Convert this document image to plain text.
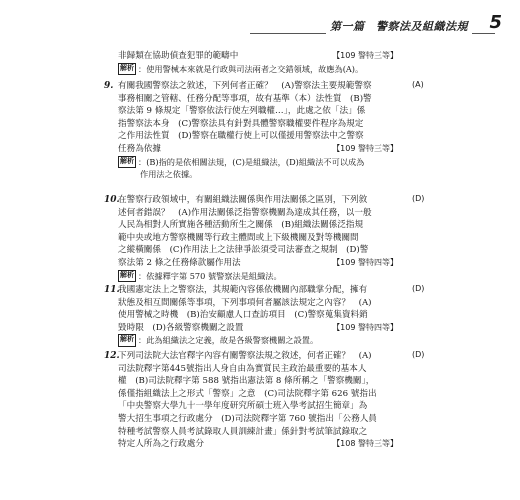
第一篇　警察法及組織法規 5
非歸類在協助偵查犯罪的範疇中	【109 警特三等】
解析 ：使用警械本來就是行政與司法兩者之交錯領域，故應為(A)。
9. 有關我國警察法之敘述，下列何者正確？　(A)警察法主要規範警察
事務相關之管轄、任務分配等事項，故有基準（本）法性質　(B)警
察法第 9 條規定「警察依法行使左列職權…」，此處之依「法」係
指警察法本身　(C)警察法具有針對具體警察職權要件程序為規定
之作用法性質　(D)警察在職權行使上可以僅援用警察法中之警察
任務為依據	【109 警特三等】
解析 ：(B)指的是依相關法規，(C)是組織法，(D)組織法不可以成為
作用法之依據。
10.
在警察行政領域中，有關組織法關係與作用法關係之區別，下列敘
述何者錯誤？　(A)作用法關係泛指警察機關為達成其任務，以一般
人民為相對人所實施各種活動所生之關係　(B)組織法關係泛指規
範中央或地方警察機關等行政主體間或上下級機關及對等機關間
之縱橫關係　(C)作用法上之法律爭訟須受司法審查之規制　(D)警
察法第 2 條之任務條款屬作用法	【109 警特四等】
解析 ：依據釋字第 570 號警察法是組織法。
11.
我國憲定法上之警察法，其規範內容係依機關內部職掌分配，擁有
狀態及相互間關係等事項，下列事項何者屬該法規定之內容？　(A)
使用警械之時機　(B)治安顧慮人口查訪項目　(C)警察蒐集資料銷
毀時限　(D)各級警察機關之設置	【109 警特四等】
解析 ：此為組織法之定義，故是各級警察機關之設置。
12.
下列司法院大法官釋字內容有關警察法規之敘述，何者正確？　(A)
司法院釋字第445號指出人身自由為實質民主政治最重要的基本人
權　(B)司法院釋字第 588 號指出憲法第 8 條所稱之「警察機關」，
係僅指組織法上之形式「警察」之意　(C)司法院釋字第 626 號指出
「中央警察大學九十一學年度研究所碩士班入學考試招生簡章」為
警大招生事項之行政處分　(D)司法院釋字第 760 號指出「公務人員
特種考試警察人員考試錄取人員訓練計畫」係針對考試筆試錄取之
特定人所為之行政處分	【108 警特三等】
(A)
(D)
(D)
(D)
